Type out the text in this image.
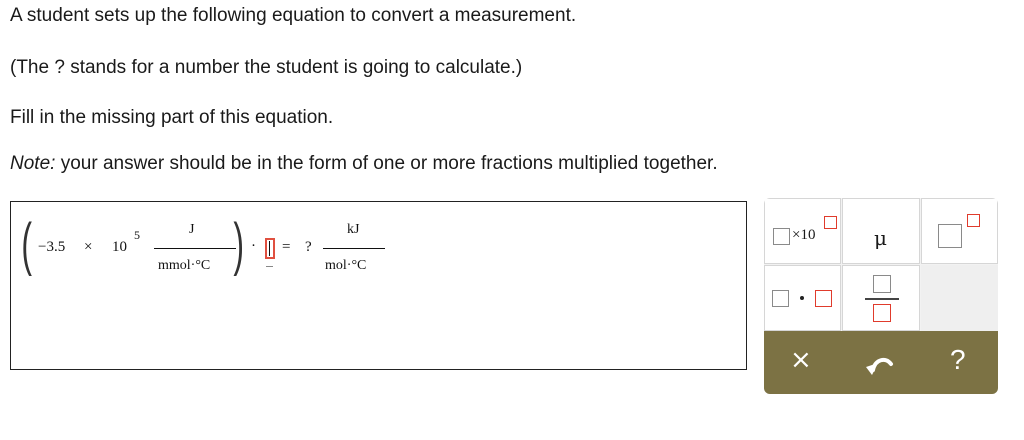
A student sets up the following equation to convert a measurement.
(The ? stands for a number the student is going to calculate.)
Fill in the missing part of this equation.
Note: your answer should be in the form of one or more fractions multiplied together.
( −3.5 × 10
5	J
mmol·°C ) · = ?
kJ
mol·°C
×10	μ
×	?
